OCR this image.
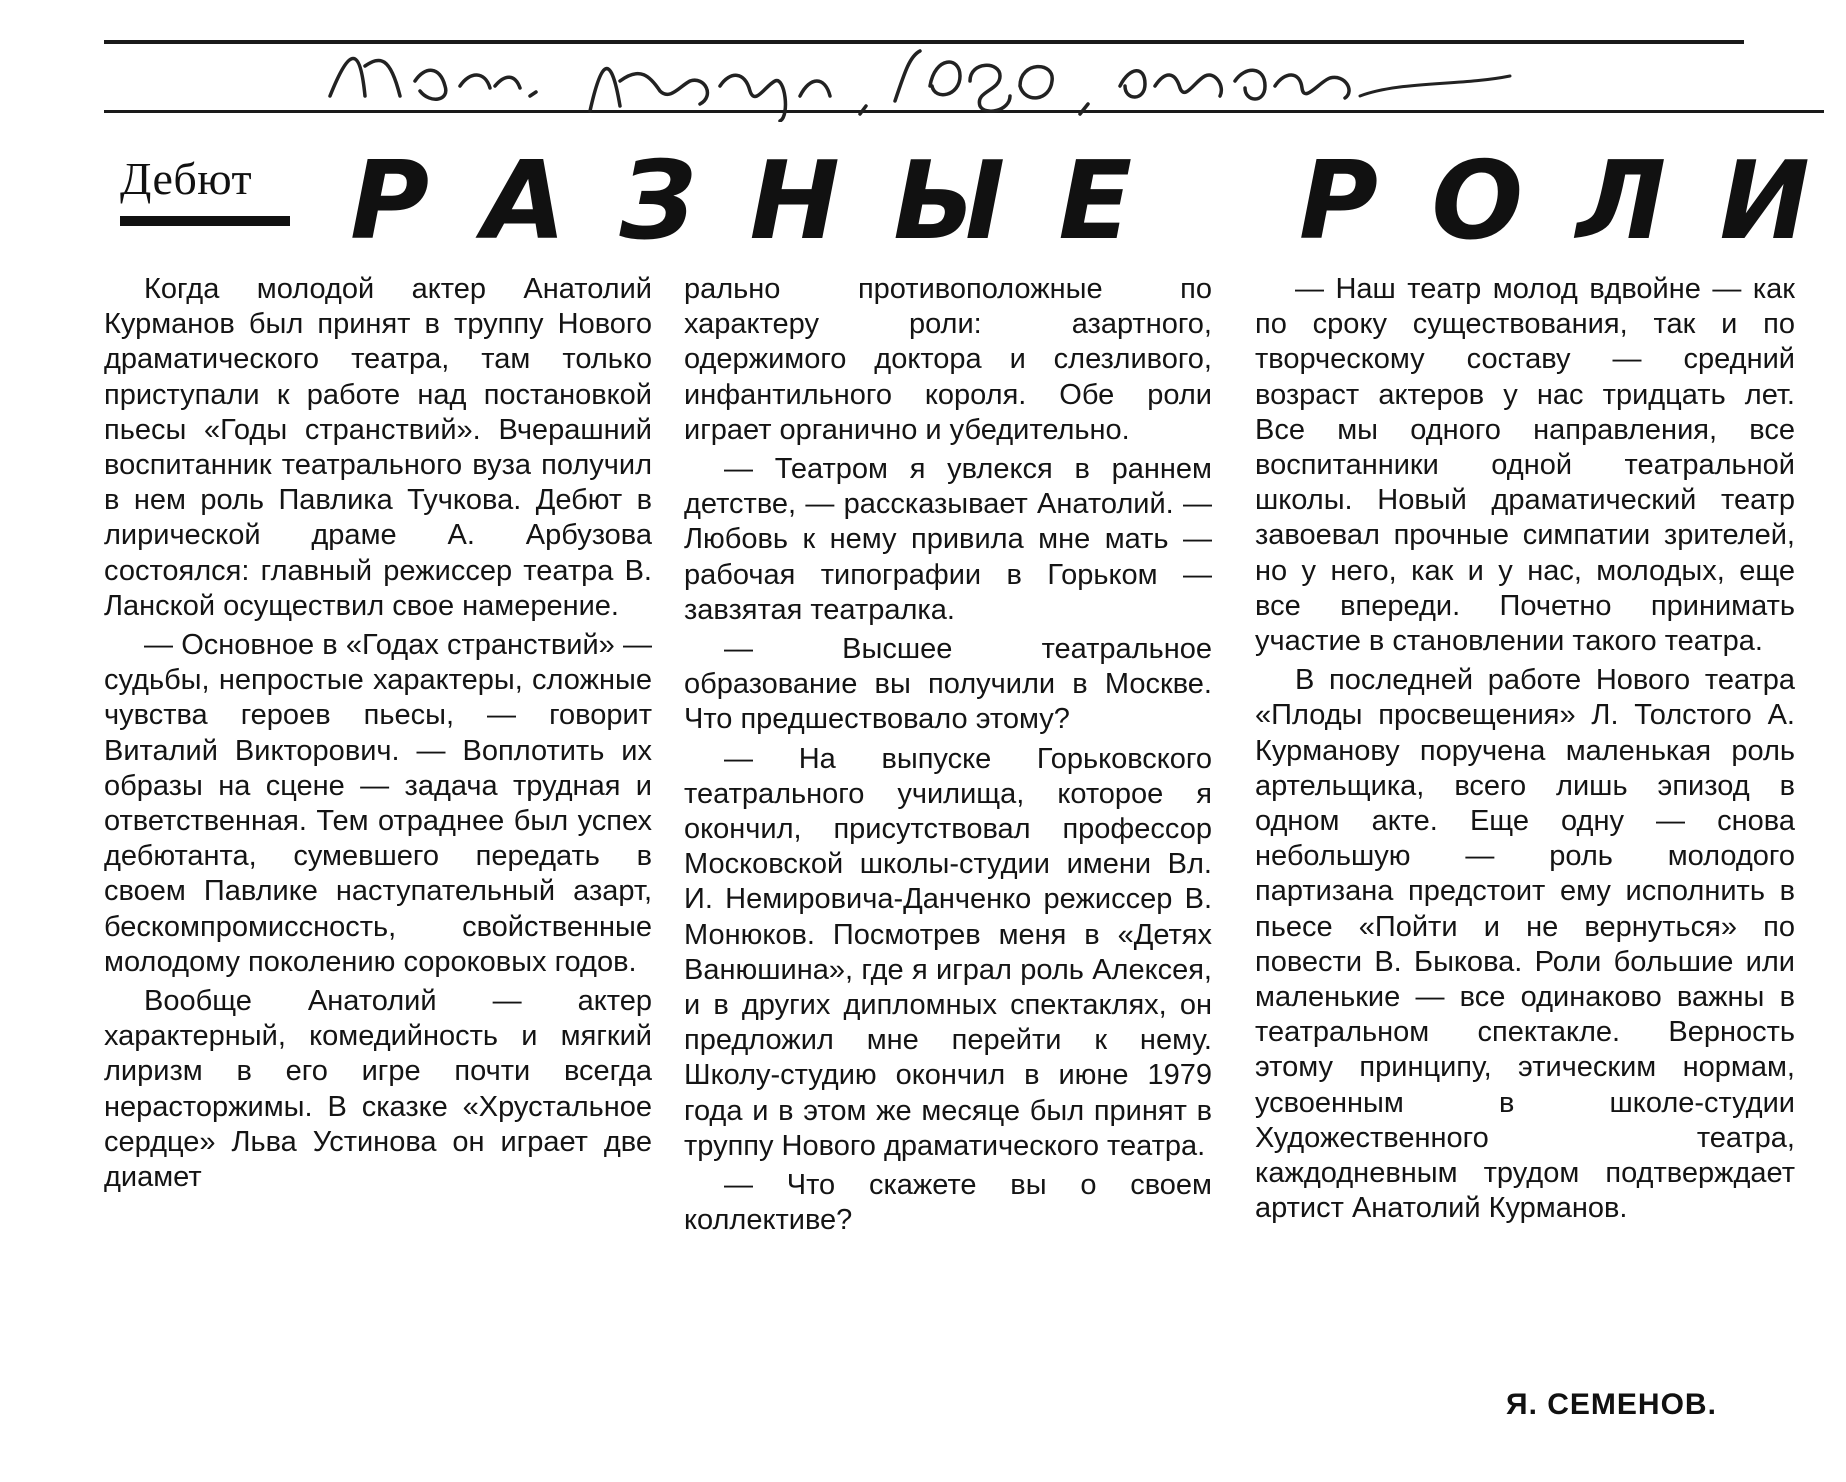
Дебют Р А З Н Ы Е Р О Л И

Когда молодой актер Анатолий Курманов был принят в труппу Нового драматического театра, там только приступали к работе над постановкой пьесы «Годы странствий». Вчерашний воспитанник театрального вуза получил в нем роль Павлика Тучкова. Дебют в лирической драме А. Арбузова состоялся: главный режиссер театра В. Ланской осуществил свое намерение.

— Основное в «Годах странствий» — судьбы, непростые характеры, сложные чувства героев пьесы, — говорит Виталий Викторович. — Воплотить их образы на сцене — задача трудная и ответственная. Тем отраднее был успех дебютанта, сумевшего передать в своем Павлике наступательный азарт, бескомпромиссность, свойственные молодому поколению сороковых годов.

Вообще Анатолий — актер характерный, комедийность и мягкий лиризм в его игре почти всегда нерасторжимы. В сказке «Хрустальное сердце» Льва Устинова он играет две диамет

рально противоположные по характеру роли: азартного, одержимого доктора и слезливого, инфантильного короля. Обе роли играет органично и убедительно.

— Театром я увлекся в раннем детстве, — рассказывает Анатолий. — Любовь к нему привила мне мать — рабочая типографии в Горьком — завзятая театралка.

— Высшее театральное образование вы получили в Москве. Что предшествовало этому?

— На выпуске Горьковского театрального училища, которое я окончил, присутствовал профессор Московской школы-студии имени Вл. И. Немировича-Данченко режиссер В. Монюков. Посмотрев меня в «Детях Ванюшина», где я играл роль Алексея, и в других дипломных спектаклях, он предложил мне перейти к нему. Школу-студию окончил в июне 1979 года и в этом же месяце был принят в труппу Нового драматического театра.

— Что скажете вы о своем коллективе?

— Наш театр молод вдвойне — как по сроку существования, так и по творческому составу — средний возраст актеров у нас тридцать лет. Все мы одного направления, все воспитанники одной театральной школы. Новый драматический театр завоевал прочные симпатии зрителей, но у него, как и у нас, молодых, еще все впереди. Почетно принимать участие в становлении такого театра.

В последней работе Нового театра «Плоды просвещения» Л. Толстого А. Курманову поручена маленькая роль артельщика, всего лишь эпизод в одном акте. Еще одну — снова небольшую — роль молодого партизана предстоит ему исполнить в пьесе «Пойти и не вернуться» по повести В. Быкова. Роли большие или маленькие — все одинаково важны в театральном спектакле. Верность этому принципу, этическим нормам, усвоенным в школе-студии Художественного театра, каждодневным трудом подтверждает артист Анатолий Курманов.

Я. СЕМЕНОВ.
